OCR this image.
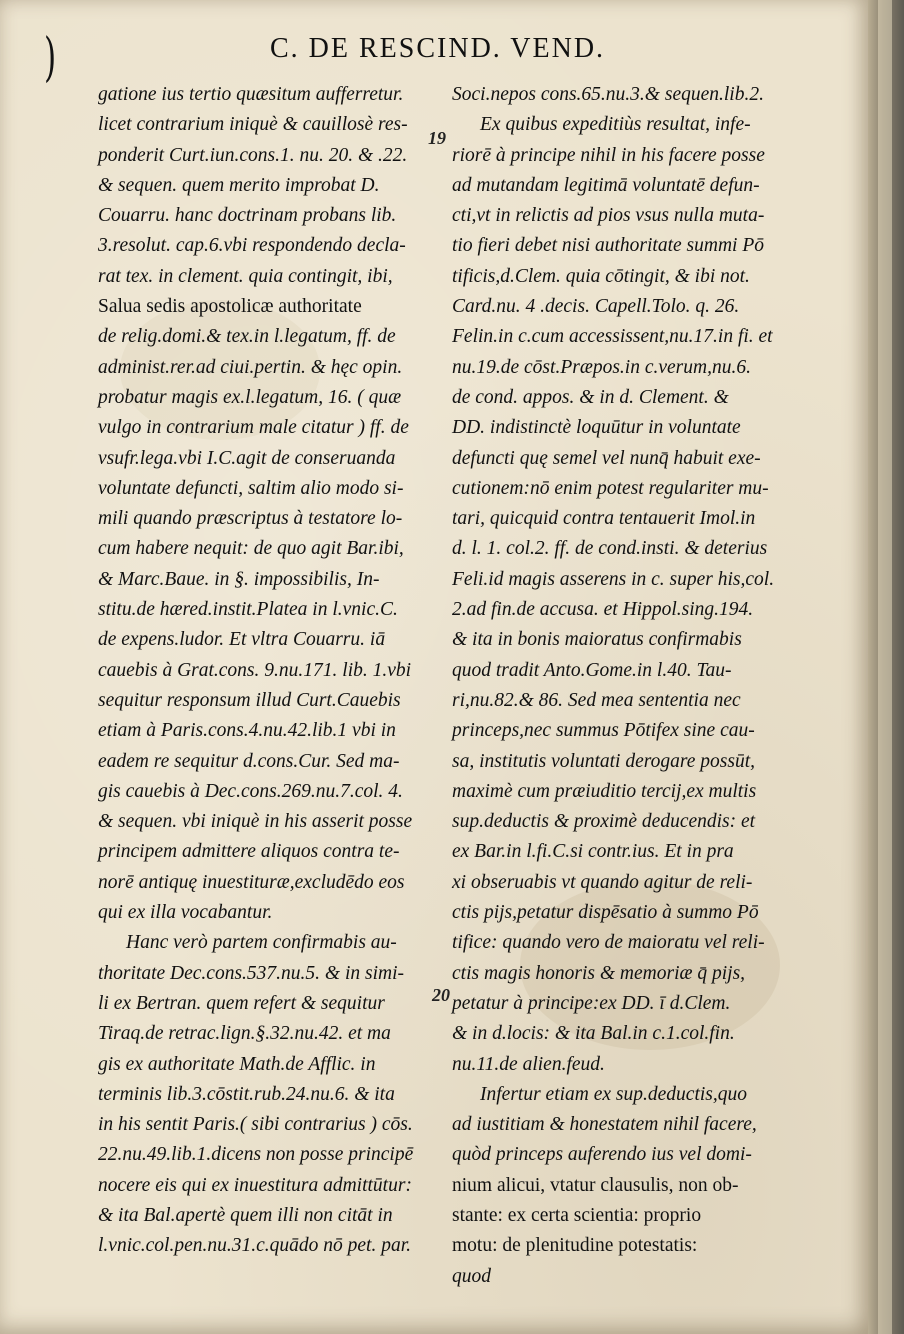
)	C. DE RESCIND. VEND.
19
20
gatione ius tertio quæsitum aufferretur.
licet contrarium iniquè & cauillosè res-
ponderit Curt.iun.cons.1. nu. 20. & .22.
& sequen. quem merito improbat D.
Couarru. hanc doctrinam probans lib.
3.resolut. cap.6.vbi respondendo decla-
rat tex. in clement. quia contingit, ibi,
Salua sedis apostolicæ authoritate
de relig.domi.& tex.in l.legatum, ff. de
administ.rer.ad ciui.pertin. & hęc opin.
probatur magis ex.l.legatum, 16. ( quæ
vulgo in contrarium male citatur ) ff. de
vsufr.lega.vbi I.C.agit de conseruanda
voluntate defuncti, saltim alio modo si-
mili quando præscriptus à testatore lo-
cum habere nequit: de quo agit Bar.ibi,
& Marc.Baue. in §. impossibilis, In-
stitu.de hæred.instit.Platea in l.vnic.C.
de expens.ludor. Et vltra Couarru. iā
cauebis à Grat.cons. 9.nu.171. lib. 1.vbi
sequitur responsum illud Curt.Cauebis
etiam à Paris.cons.4.nu.42.lib.1 vbi in
eadem re sequitur d.cons.Cur. Sed ma-
gis cauebis à Dec.cons.269.nu.7.col. 4.
& sequen. vbi iniquè in his asserit posse
principem admittere aliquos contra te-
norē antiquę inuestituræ,excludēdo eos
qui ex illa vocabantur.
Hanc verò partem confirmabis au-
thoritate Dec.cons.537.nu.5. & in simi-
li ex Bertran. quem refert & sequitur
Tiraq.de retrac.lign.§.32.nu.42. et ma
gis ex authoritate Math.de Afflic. in
terminis lib.3.cōstit.rub.24.nu.6. & ita
in his sentit Paris.( sibi contrarius ) cōs.
22.nu.49.lib.1.dicens non posse principē
nocere eis qui ex inuestitura admittūtur:
& ita Bal.apertè quem illi non citāt in
l.vnic.col.pen.nu.31.c.quādo nō pet. par.
Soci.nepos cons.65.nu.3.& sequen.lib.2.
Ex quibus expeditiùs resultat, infe-
riorē à principe nihil in his facere posse
ad mutandam legitimā voluntatē defun-
cti,vt in relictis ad pios vsus nulla muta-
tio fieri debet nisi authoritate summi Pō
tificis,d.Clem. quia cōtingit, & ibi not.
Card.nu. 4 .decis. Capell.Tolo. q. 26.
Felin.in c.cum accessissent,nu.17.in fi. et
nu.19.de cōst.Præpos.in c.verum,nu.6.
de cond. appos. & in d. Clement. &
DD. indistinctè loquūtur in voluntate
defuncti quę semel vel nunq̄ habuit exe-
cutionem:nō enim potest regulariter mu-
tari, quicquid contra tentauerit Imol.in
d. l. 1. col.2. ff. de cond.insti. & deterius
Feli.id magis asserens in c. super his,col.
2.ad fin.de accusa. et Hippol.sing.194.
& ita in bonis maioratus confirmabis
quod tradit Anto.Gome.in l.40. Tau-
ri,nu.82.& 86. Sed mea sententia nec
princeps,nec summus Pōtifex sine cau-
sa, institutis voluntati derogare possūt,
maximè cum præiuditio tercij,ex multis
sup.deductis & proximè deducendis: et
ex Bar.in l.fi.C.si contr.ius. Et in pra
xi obseruabis vt quando agitur de reli-
ctis pijs,petatur dispēsatio à summo Pō
tifice: quando vero de maioratu vel reli-
ctis magis honoris & memoriæ q̄ pijs,
petatur à principe:ex DD. ī d.Clem.
& in d.locis: & ita Bal.in c.1.col.fin.
nu.11.de alien.feud.
Infertur etiam ex sup.deductis,quo
ad iustitiam & honestatem nihil facere,
quòd princeps auferendo ius vel domi-
nium alicui, vtatur clausulis, non ob-
stante: ex certa scientia: proprio
motu: de plenitudine potestatis:
quod
